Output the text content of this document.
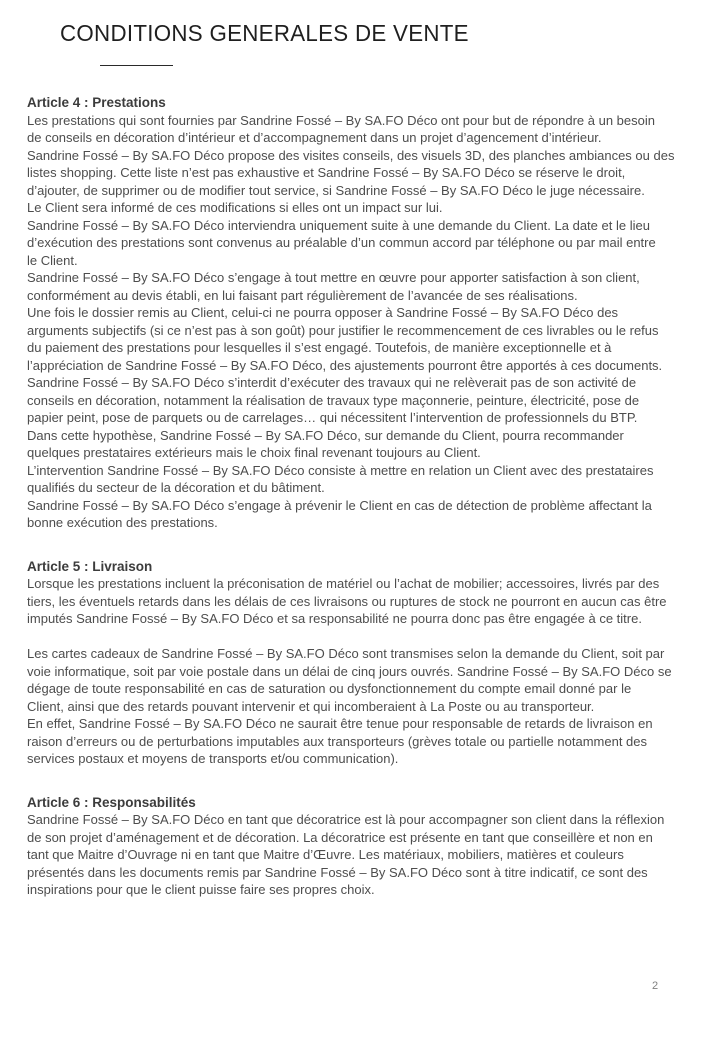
CONDITIONS GENERALES DE VENTE
Article 4 : Prestations
Les prestations qui sont fournies par Sandrine Fossé – By SA.FO Déco ont pour but de répondre à un besoin
de conseils en décoration d’intérieur et d’accompagnement dans un projet d’agencement d’intérieur.
Sandrine Fossé – By SA.FO Déco propose des visites conseils, des visuels 3D, des planches ambiances ou des
listes shopping. Cette liste n’est pas exhaustive et Sandrine Fossé – By SA.FO Déco se réserve le droit,
d’ajouter, de supprimer ou de modifier tout service, si Sandrine Fossé – By SA.FO Déco le juge nécessaire.
Le Client sera informé de ces modifications si elles ont un impact sur lui.
Sandrine Fossé – By SA.FO Déco interviendra uniquement suite à une demande du Client. La date et le lieu
d’exécution des prestations sont convenus au préalable d’un commun accord par téléphone ou par mail entre
le Client.
Sandrine Fossé – By SA.FO Déco s’engage à tout mettre en œuvre pour apporter satisfaction à son client,
conformément au devis établi, en lui faisant part régulièrement de l’avancée de ses réalisations.
Une fois le dossier remis au Client, celui-ci ne pourra opposer à Sandrine Fossé – By SA.FO Déco des
arguments subjectifs (si ce n’est pas à son goût) pour justifier le recommencement de ces livrables ou le refus
du paiement des prestations pour lesquelles il s’est engagé. Toutefois, de manière exceptionnelle et à
l’appréciation de Sandrine Fossé – By SA.FO Déco, des ajustements pourront être apportés à ces documents.
Sandrine Fossé – By SA.FO Déco s’interdit d’exécuter des travaux qui ne relèverait pas de son activité de
conseils en décoration, notamment la réalisation de travaux type maçonnerie, peinture, électricité, pose de
papier peint, pose de parquets ou de carrelages… qui nécessitent l’intervention de professionnels du BTP.
Dans cette hypothèse, Sandrine Fossé – By SA.FO Déco, sur demande du Client, pourra recommander
quelques prestataires extérieurs mais le choix final revenant toujours au Client.
L’intervention Sandrine Fossé – By SA.FO Déco consiste à mettre en relation un Client avec des prestataires
qualifiés du secteur de la décoration et du bâtiment.
Sandrine Fossé – By SA.FO Déco s’engage à prévenir le Client en cas de détection de problème affectant la
bonne exécution des prestations.
Article 5 : Livraison
Lorsque les prestations incluent la préconisation de matériel ou l’achat de mobilier; accessoires, livrés par des
tiers, les éventuels retards dans les délais de ces livraisons ou ruptures de stock ne pourront en aucun cas être
imputés Sandrine Fossé – By SA.FO Déco et sa responsabilité ne pourra donc pas être engagée à ce titre.
Les cartes cadeaux de Sandrine Fossé – By SA.FO Déco sont transmises selon la demande du Client, soit par
voie informatique, soit par voie postale dans un délai de cinq jours ouvrés. Sandrine Fossé – By SA.FO Déco se
dégage de toute responsabilité en cas de saturation ou dysfonctionnement du compte email donné par le
Client, ainsi que des retards pouvant intervenir et qui incomberaient à La Poste ou au transporteur.
En effet, Sandrine Fossé – By SA.FO Déco ne saurait être tenue pour responsable de retards de livraison en
raison d’erreurs ou de perturbations imputables aux transporteurs (grèves totale ou partielle notamment des
services postaux et moyens de transports et/ou communication).
Article 6 : Responsabilités
Sandrine Fossé – By SA.FO Déco en tant que décoratrice est là pour accompagner son client dans la réflexion
de son projet d’aménagement et de décoration. La décoratrice est présente en tant que conseillère et non en
tant que Maitre d’Ouvrage ni en tant que Maitre d’Œuvre. Les matériaux, mobiliers, matières et couleurs
présentés dans les documents remis par Sandrine Fossé – By SA.FO Déco sont à titre indicatif, ce sont des
inspirations pour que le client puisse faire ses propres choix.
2
